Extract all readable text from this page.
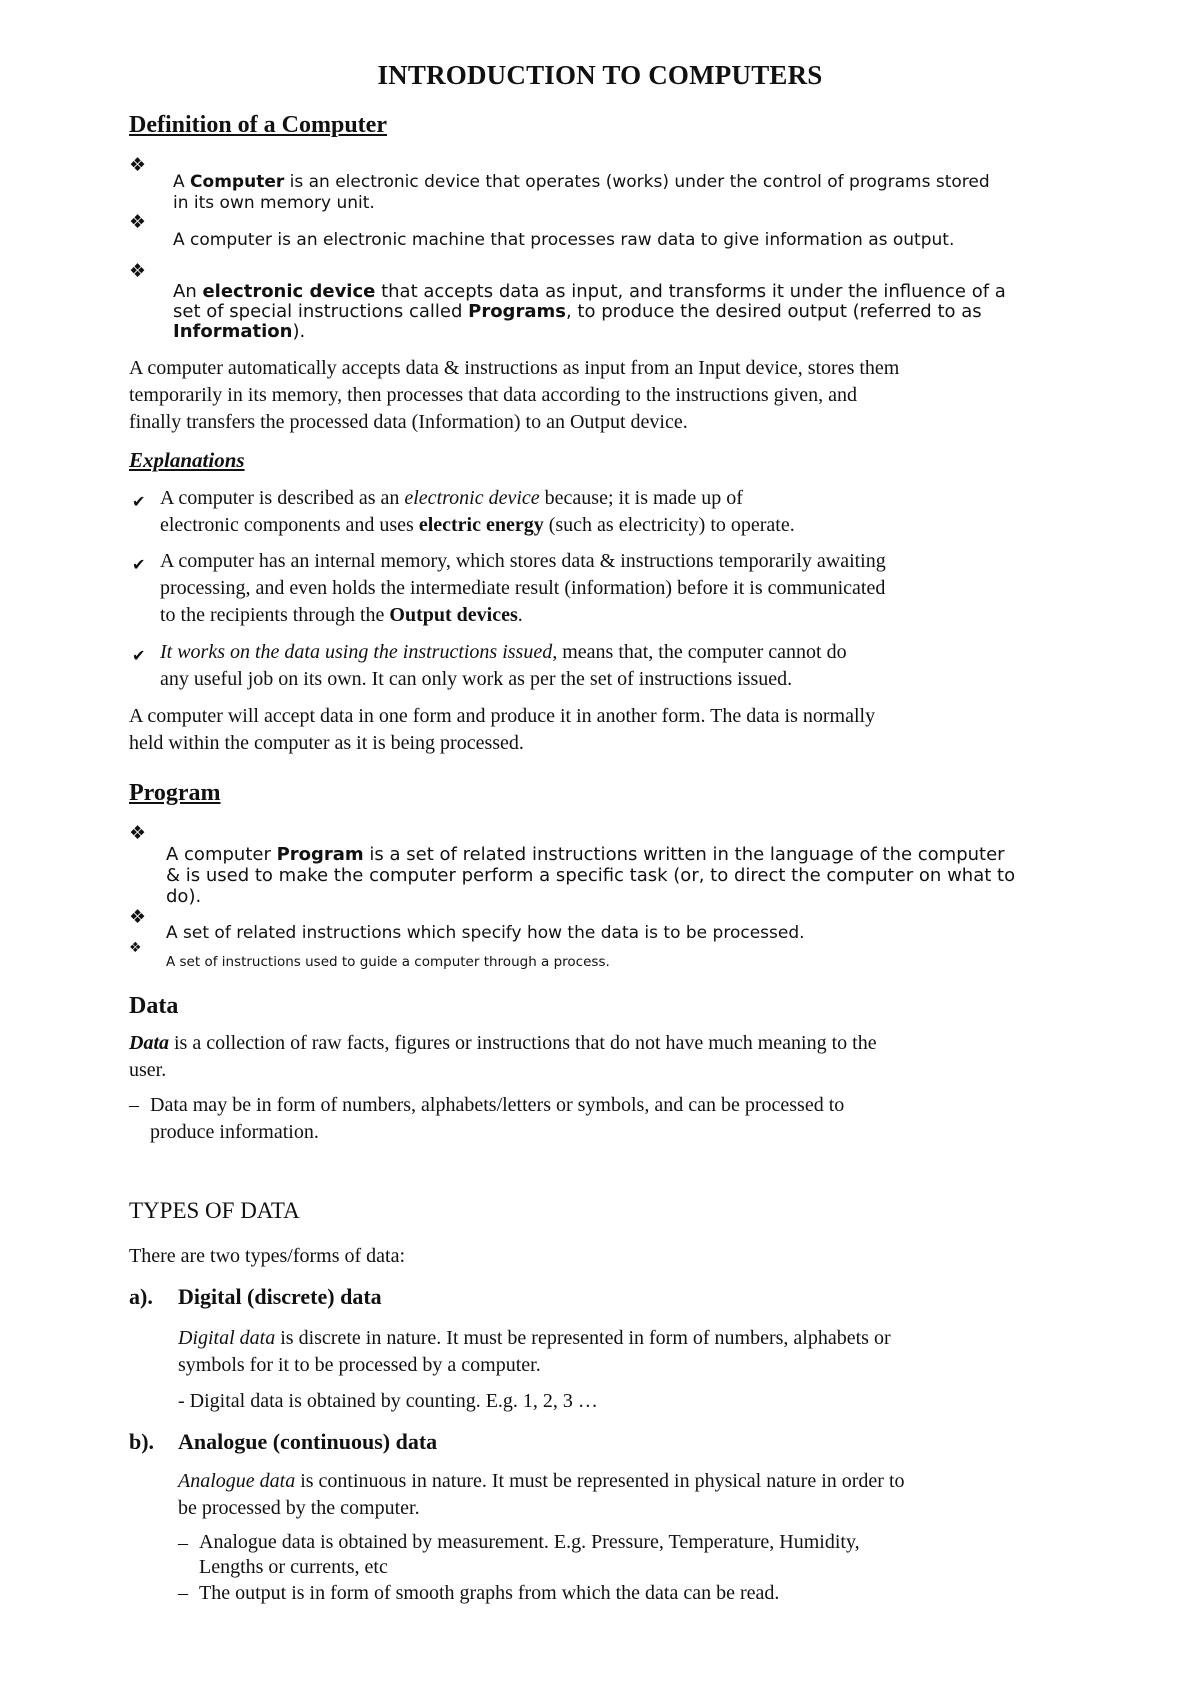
INTRODUCTION TO COMPUTERS
Definition of a Computer
❖
A Computer is an electronic device that operates (works) under the control of programs stored
in its own memory unit.
❖
A computer is an electronic machine that processes raw data to give information as output.
❖
An electronic device that accepts data as input, and transforms it under the influence of a
set of special instructions called Programs, to produce the desired output (referred to as
Information).
A computer automatically accepts data & instructions as input from an Input device, stores them
temporarily in its memory, then processes that data according to the instructions given, and
finally transfers the processed data (Information) to an Output device.
Explanations
✔ A computer is described as an electronic device because; it is made up of
electronic components and uses electric energy (such as electricity) to operate.
✔ A computer has an internal memory, which stores data & instructions temporarily awaiting
processing, and even holds the intermediate result (information) before it is communicated
to the recipients through the Output devices.
✔ It works on the data using the instructions issued, means that, the computer cannot do
any useful job on its own. It can only work as per the set of instructions issued.
A computer will accept data in one form and produce it in another form. The data is normally
held within the computer as it is being processed.
Program
❖
A computer Program is a set of related instructions written in the language of the computer
& is used to make the computer perform a specific task (or, to direct the computer on what to
do).
❖
A set of related instructions which specify how the data is to be processed.
❖
A set of instructions used to guide a computer through a process.
Data
Data is a collection of raw facts, figures or instructions that do not have much meaning to the
user.
– Data may be in form of numbers, alphabets/letters or symbols, and can be processed to
produce information.
TYPES OF DATA
There are two types/forms of data:
a). Digital (discrete) data
Digital data is discrete in nature. It must be represented in form of numbers, alphabets or
symbols for it to be processed by a computer.
- Digital data is obtained by counting. E.g. 1, 2, 3 …
b). Analogue (continuous) data
Analogue data is continuous in nature. It must be represented in physical nature in order to
be processed by the computer.
– Analogue data is obtained by measurement. E.g. Pressure, Temperature, Humidity,
Lengths or currents, etc
– The output is in form of smooth graphs from which the data can be read.
